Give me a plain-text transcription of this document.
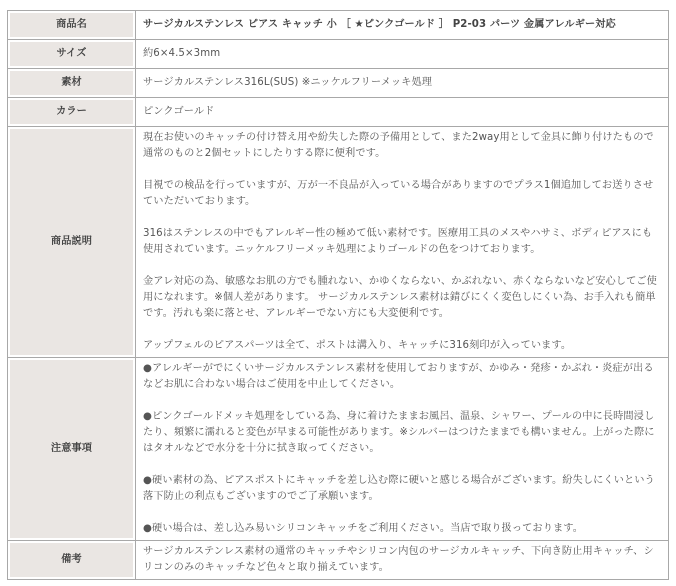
商品名	サージカルステンレス ピアス キャッチ 小 ［ ★ピンクゴールド ］ P2-03 パーツ 金属アレルギー対応
サイズ	約6×4.5×3mm
素材	サージカルステンレス316L(SUS) ※ニッケルフリーメッキ処理
カラー	ピンクゴールド
商品説明	現在お使いのキャッチの付け替え用や紛失した際の予備用として、また2way用として金具に飾り付けたもので通常のものと2個セットにしたりする際に便利です。

目視での検品を行っていますが、万が一不良品が入っている場合がありますのでプラス1個追加してお送りさせていただいております。

316はステンレスの中でもアレルギー性の極めて低い素材です。医療用工具のメスやハサミ、ボディピアスにも使用されています。ニッケルフリーメッキ処理によりゴールドの色をつけております。

金アレ対応の為、敏感なお肌の方でも腫れない、かゆくならない、かぶれない、赤くならないなど安心してご使用になれます。※個人差があります。 サージカルステンレス素材は錆びにくく変色しにくい為、お手入れも簡単です。汚れも楽に落とせ、アレルギーでない方にも大変便利です。

アップフェルのピアスパーツは全て、ポストは溝入り、キャッチに316刻印が入っています。

注意事項	●アレルギーがでにくいサージカルステンレス素材を使用しておりますが、かゆみ・発疹・かぶれ・炎症が出るなどお肌に合わない場合はご使用を中止してください。

●ピンクゴールドメッキ処理をしている為、身に着けたままお風呂、温泉、シャワー、プールの中に長時間浸したり、頻繁に濡れると変色が早まる可能性があります。※シルバーはつけたままでも構いません。上がった際にはタオルなどで水分を十分に拭き取ってください。

●硬い素材の為、ピアスポストにキャッチを差し込む際に硬いと感じる場合がございます。紛失しにくいという落下防止の利点もございますのでご了承願います。

●硬い場合は、差し込み易いシリコンキャッチをご利用ください。当店で取り扱っております。

備考	サージカルステンレス素材の通常のキャッチやシリコン内包のサージカルキャッチ、下向き防止用キャッチ、シリコンのみのキャッチなど色々と取り揃えています。
